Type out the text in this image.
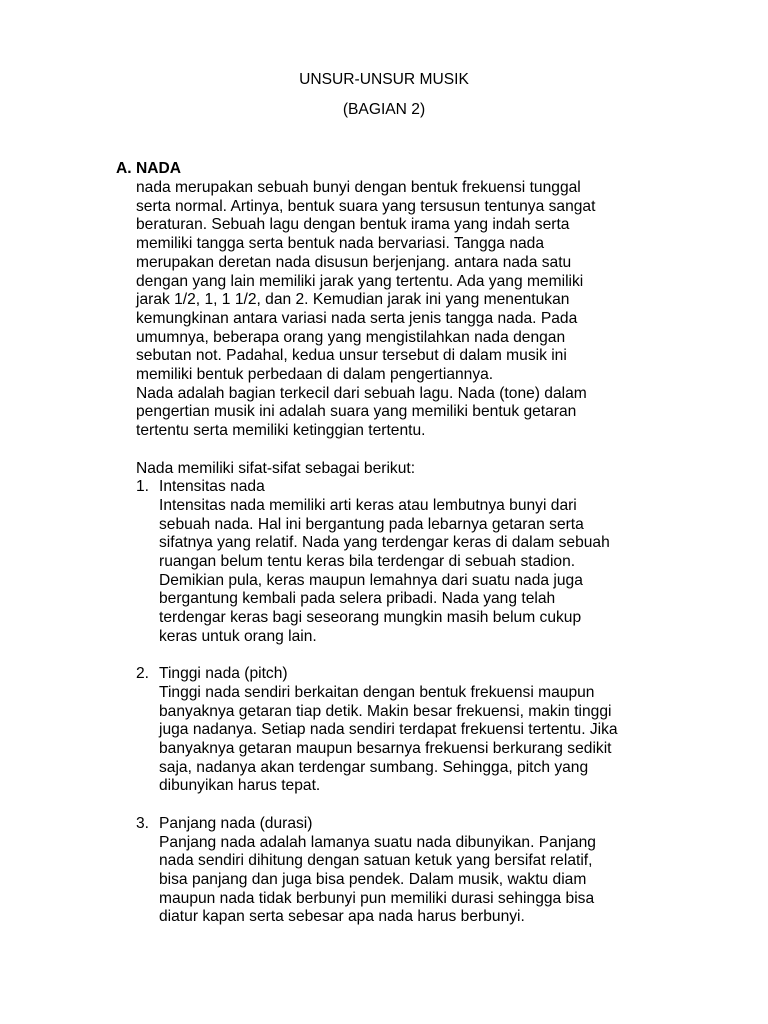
UNSUR-UNSUR MUSIK
(BAGIAN 2)
A. NADA

nada merupakan sebuah bunyi dengan bentuk frekuensi tunggal

serta normal. Artinya, bentuk suara yang tersusun tentunya sangat

beraturan. Sebuah lagu dengan bentuk irama yang indah serta

memiliki tangga serta bentuk nada bervariasi. Tangga nada

merupakan deretan nada disusun berjenjang. antara nada satu

dengan yang lain memiliki jarak yang tertentu. Ada yang memiliki

jarak 1/2, 1, 1 1/2, dan 2. Kemudian jarak ini yang menentukan

kemungkinan antara variasi nada serta jenis tangga nada. Pada

umumnya, beberapa orang yang mengistilahkan nada dengan

sebutan not. Padahal, kedua unsur tersebut di dalam musik ini

memiliki bentuk perbedaan di dalam pengertiannya.

Nada adalah bagian terkecil dari sebuah lagu. Nada (tone) dalam

pengertian musik ini adalah suara yang memiliki bentuk getaran

tertentu serta memiliki ketinggian tertentu.

Nada memiliki sifat-sifat sebagai berikut:

1. Intensitas nada

Intensitas nada memiliki arti keras atau lembutnya bunyi dari

sebuah nada. Hal ini bergantung pada lebarnya getaran serta

sifatnya yang relatif. Nada yang terdengar keras di dalam sebuah

ruangan belum tentu keras bila terdengar di sebuah stadion.

Demikian pula, keras maupun lemahnya dari suatu nada juga

bergantung kembali pada selera pribadi. Nada yang telah

terdengar keras bagi seseorang mungkin masih belum cukup

keras untuk orang lain.

2. Tinggi nada (pitch)

Tinggi nada sendiri berkaitan dengan bentuk frekuensi maupun

banyaknya getaran tiap detik. Makin besar frekuensi, makin tinggi

juga nadanya. Setiap nada sendiri terdapat frekuensi tertentu. Jika

banyaknya getaran maupun besarnya frekuensi berkurang sedikit

saja, nadanya akan terdengar sumbang. Sehingga, pitch yang

dibunyikan harus tepat.

3. Panjang nada (durasi)

Panjang nada adalah lamanya suatu nada dibunyikan. Panjang

nada sendiri dihitung dengan satuan ketuk yang bersifat relatif,

bisa panjang dan juga bisa pendek. Dalam musik, waktu diam

maupun nada tidak berbunyi pun memiliki durasi sehingga bisa

diatur kapan serta sebesar apa nada harus berbunyi.
